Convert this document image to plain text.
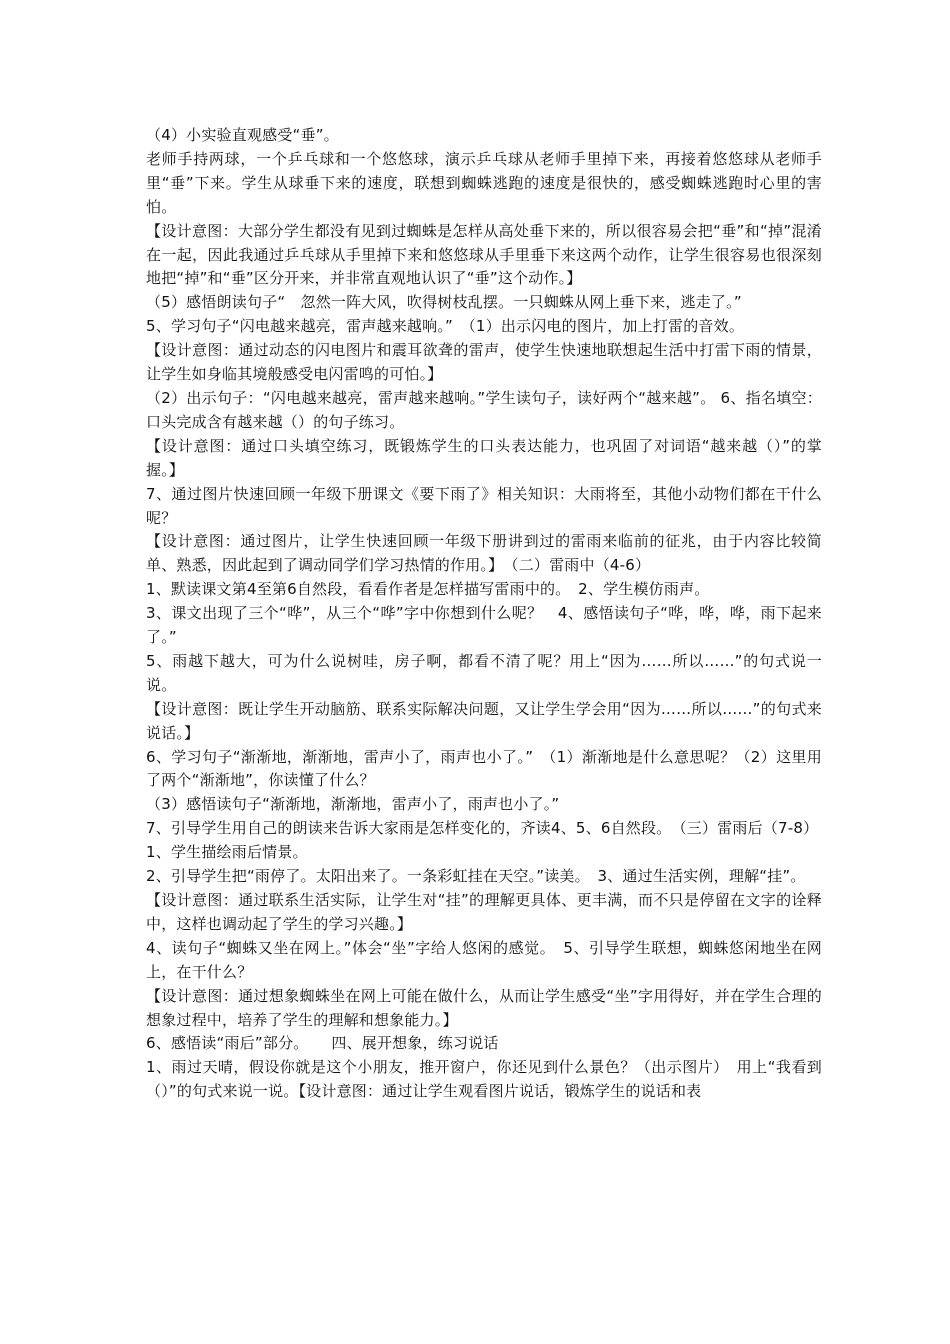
（4）小实验直观感受“垂”。

老师手持两球，一个乒乓球和一个悠悠球，演示乒乓球从老师手里掉下来，再接着悠悠球从老师手里“垂”下来。学生从球垂下来的速度，联想到蜘蛛逃跑的速度是很快的，感受蜘蛛逃跑时心里的害怕。

【设计意图：大部分学生都没有见到过蜘蛛是怎样从高处垂下来的，所以很容易会把“垂”和“掉”混淆在一起，因此我通过乒乓球从手里掉下来和悠悠球从手里垂下来这两个动作，让学生很容易也很深刻地把“掉”和“垂”区分开来，并非常直观地认识了“垂”这个动作。】

（5）感悟朗读句子“　忽然一阵大风，吹得树枝乱摆。一只蜘蛛从网上垂下来，逃走了。”

5、学习句子“闪电越来越亮，雷声越来越响。”　（1）出示闪电的图片，加上打雷的音效。

【设计意图：通过动态的闪电图片和震耳欲聋的雷声，使学生快速地联想起生活中打雷下雨的情景，让学生如身临其境般感受电闪雷鸣的可怕。】

（2）出示句子：“闪电越来越亮，雷声越来越响。”学生读句子，读好两个“越来越”。 6、指名填空：口头完成含有越来越（）的句子练习。

【设计意图：通过口头填空练习，既锻炼学生的口头表达能力，也巩固了对词语“越来越（）”的掌握。】

7、通过图片快速回顾一年级下册课文《要下雨了》相关知识：大雨将至，其他小动物们都在干什么呢？

【设计意图：通过图片，让学生快速回顾一年级下册讲到过的雷雨来临前的征兆，由于内容比较简单、熟悉，因此起到了调动同学们学习热情的作用。】　（二）雷雨中（4-6）

1、默读课文第4至第6自然段，看看作者是怎样描写雷雨中的。　2、学生模仿雨声。

3、课文出现了三个“哗”，从三个“哗”字中你想到什么呢？　4、感悟读句子“哗，哗，哗，雨下起来了。”

5、雨越下越大，可为什么说树哇，房子啊，都看不清了呢？用上“因为……所以……”的句式说一说。

【设计意图：既让学生开动脑筋、联系实际解决问题，又让学生学会用“因为……所以……”的句式来说话。】

6、学习句子“渐渐地，渐渐地，雷声小了，雨声也小了。”　（1）渐渐地是什么意思呢？（2）这里用了两个“渐渐地”，你读懂了什么？

（3）感悟读句子“渐渐地，渐渐地，雷声小了，雨声也小了。”

7、引导学生用自己的朗读来告诉大家雨是怎样变化的，齐读4、5、6自然段。　（三）雷雨后（7-8）

1、学生描绘雨后情景。

2、引导学生把“雨停了。太阳出来了。一条彩虹挂在天空。”读美。　3、通过生活实例，理解“挂”。

【设计意图：通过联系生活实际，让学生对“挂”的理解更具体、更丰满，而不只是停留在文字的诠释中，这样也调动起了学生的学习兴趣。】

4、读句子“蜘蛛又坐在网上。”体会“坐”字给人悠闲的感觉。　5、引导学生联想，蜘蛛悠闲地坐在网上，在干什么？

【设计意图：通过想象蜘蛛坐在网上可能在做什么，从而让学生感受“坐”字用得好，并在学生合理的想象过程中，培养了学生的理解和想象能力。】

6、感悟读“雨后”部分。　　四、展开想象，练习说话

1、雨过天晴，假设你就是这个小朋友，推开窗户，你还见到什么景色？（出示图片）　用上“我看到（）”的句式来说一说。【设计意图：通过让学生观看图片说话，锻炼学生的说话和表
